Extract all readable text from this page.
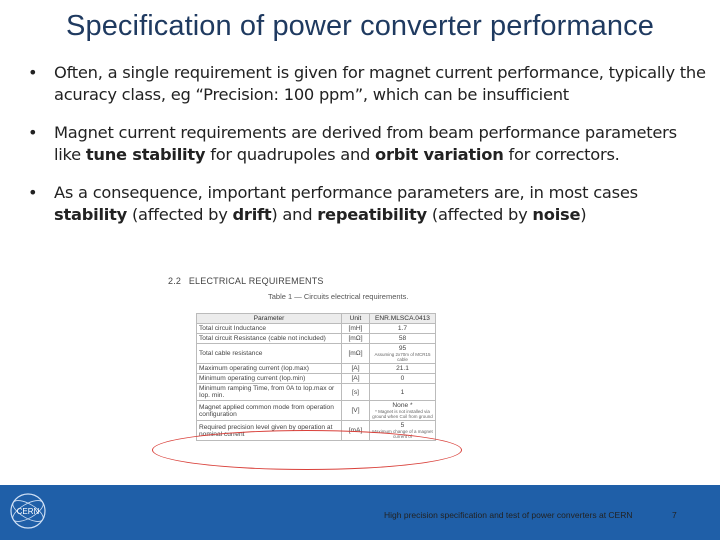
Specification of power converter performance
• Often, a single requirement is given for magnet current performance, typically the acuracy class, eg “Precision: 100 ppm”, which can be insufficient
• Magnet current requirements are derived from beam performance parameters like tune stability for quadrupoles and orbit variation for correctors.
• As a consequence, important performance parameters are, in most cases stability (affected by drift) and repeatibility (affected by noise)
2.2 ELECTRICAL REQUIREMENTS
Table 1 — Circuits electrical requirements.
Parameter	Unit	ENR.MLSCA.0413
Total circuit Inductance	[mH]	1.7
Total circuit Resistance (cable not included)	[mΩ]	58
Total cable resistance	[mΩ]	95
Assuming 2x70m of MCR15 cable

Maximum operating current (Iop.max)	[A]	21.1
Minimum operating current (Iop.min)	[A]	0
Minimum ramping Time, from 0A to Iop.max or Iop. min.	[s]	1
Magnet applied common mode from operation configuration	[V]	None *
* Magnet is not installed via ground when Coil from ground

Required precision level given by operation at nominal current	[mA]	5
Maximum change of a magnet current of
High precision specification and test of power converters at CERN	7
CERN
